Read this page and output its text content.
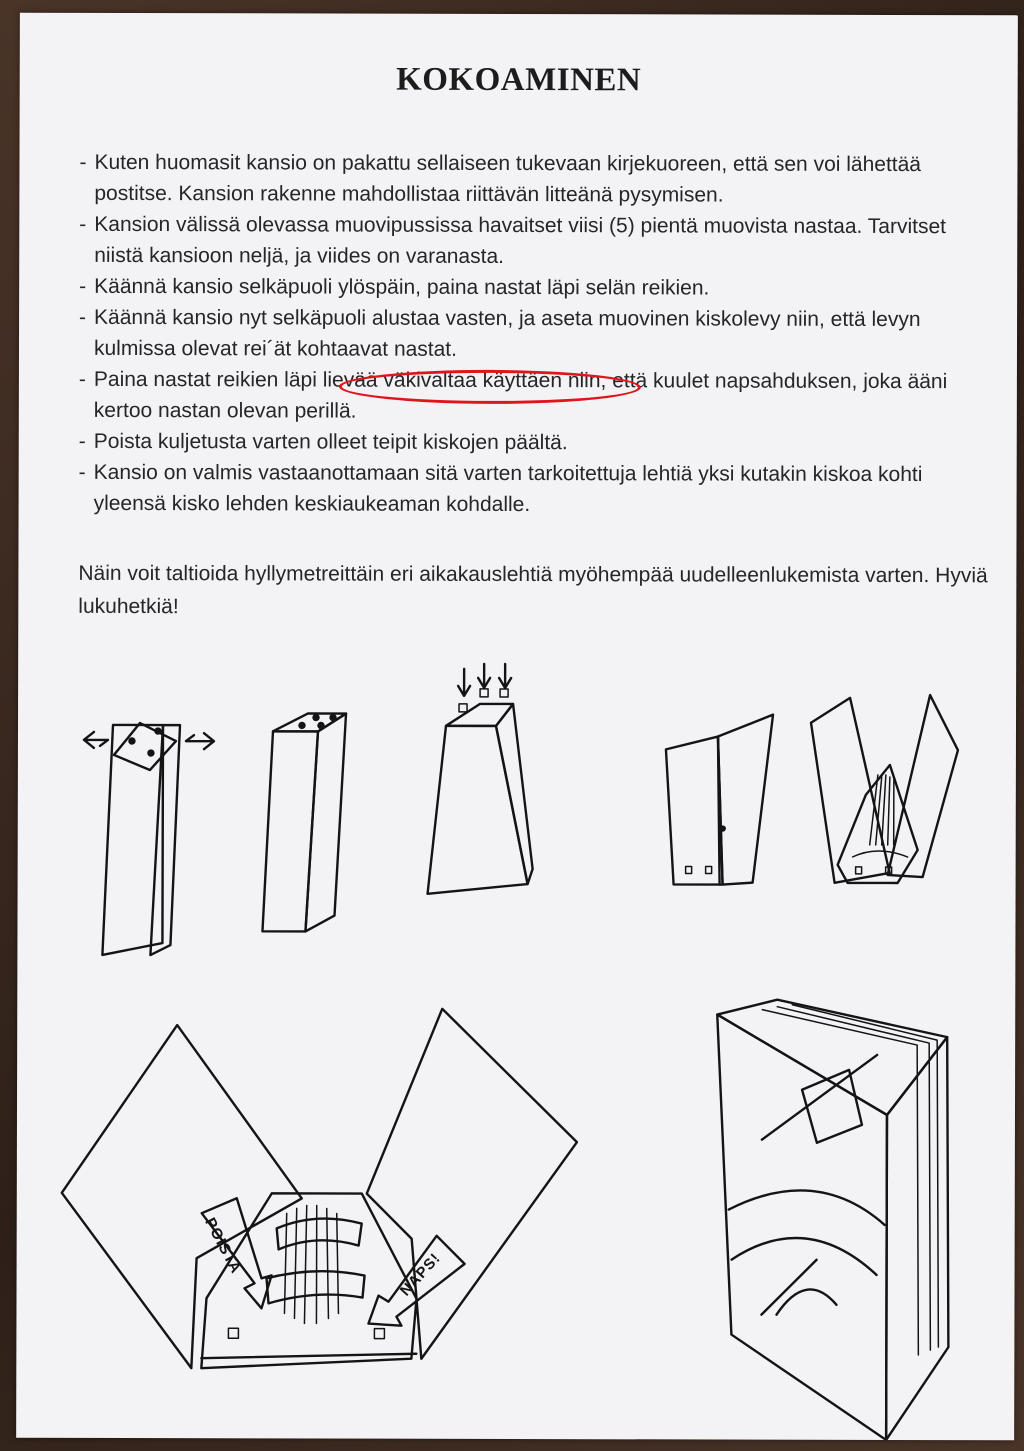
KOKOAMINEN
- Kuten huomasit kansio on pakattu sellaiseen tukevaan kirjekuoreen, että sen voi lähettää postitse. Kansion rakenne mahdollistaa riittävän litteänä pysymisen.
- Kansion välissä olevassa muovipussissa havaitset viisi (5) pientä muovista nastaa. Tarvitset niistä kansioon neljä, ja viides on varanasta.
- Käännä kansio selkäpuoli ylöspäin, paina nastat läpi selän reikien.
- Käännä kansio nyt selkäpuoli alustaa vasten, ja aseta muovinen kiskolevy niin, että levyn kulmissa olevat rei´ät kohtaavat nastat.
- Paina nastat reikien läpi lievää väkivaltaa käyttäen niin, että kuulet napsahduksen, joka ääni kertoo nastan olevan perillä.
- Poista kuljetusta varten olleet teipit kiskojen päältä.
- Kansio on valmis vastaanottamaan sitä varten tarkoitettuja lehtiä yksi kutakin kiskoa kohti yleensä kisko lehden keskiaukeaman kohdalle.
Näin voit taltioida hyllymetreittäin eri aikakauslehtiä myöhempää uudelleenlukemista varten. Hyviä lukuhetkiä!
POISTA	NAPS!
